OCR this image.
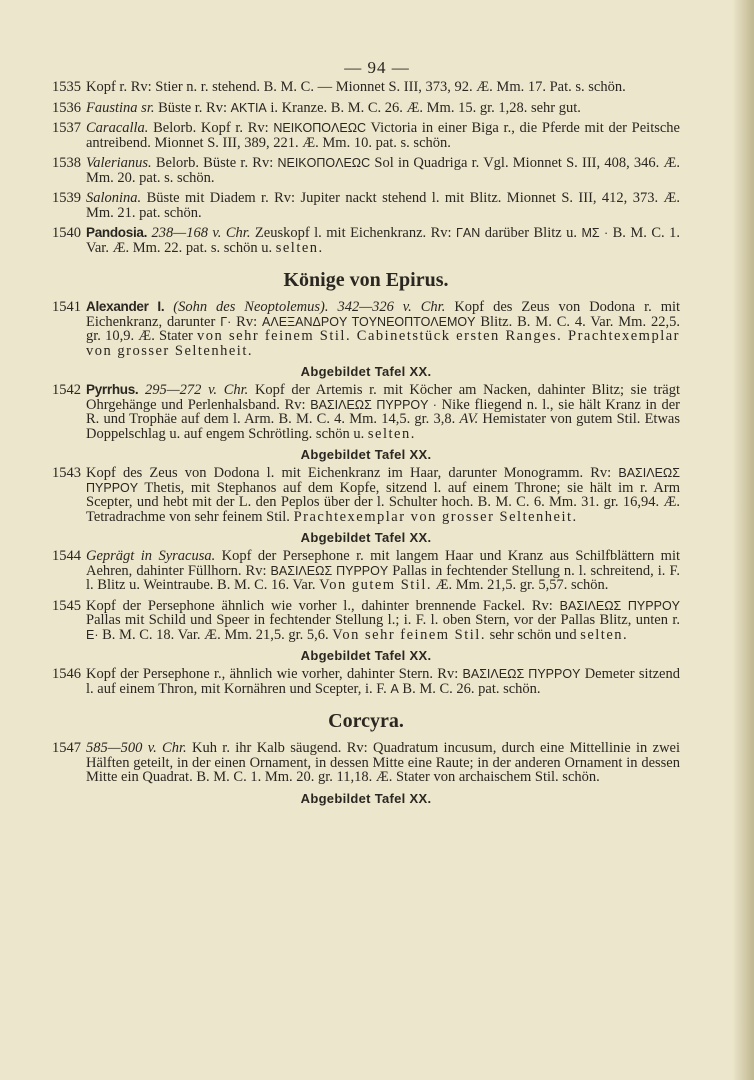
— 94 —
1535 Kopf r. Rv: Stier n. r. stehend. B. M. C. — Mionnet S. III, 373, 92. Æ. Mm. 17. Pat. s. schön.
1536 Faustina sr. Büste r. Rv: AKTIA i. Kranze. B. M. C. 26. Æ. Mm. 15. gr. 1,28. sehr gut.
1537 Caracalla. Belorb. Kopf r. Rv: NEIKOΠOΛEΩC Victoria in einer Biga r., die Pferde mit der Peitsche antreibend. Mionnet S. III, 389, 221. Æ. Mm. 10. pat. s. schön.
1538 Valerianus. Belorb. Büste r. Rv: NEIKOΠOΛEΩC Sol in Quadriga r. Vgl. Mionnet S. III, 408, 346. Æ. Mm. 20. pat. s. schön.
1539 Salonina. Büste mit Diadem r. Rv: Jupiter nackt stehend l. mit Blitz. Mionnet S. III, 412, 373. Æ. Mm. 21. pat. schön.
1540 Pandosia. 238—168 v. Chr. Zeuskopf l. mit Eichenkranz. Rv: ΓAN darüber Blitz u. MΣ · B. M. C. 1. Var. Æ. Mm. 22. pat. s. schön u. selten.
Könige von Epirus.
1541 Alexander I. (Sohn des Neoptolemus). 342—326 v. Chr. Kopf des Zeus von Dodona r. mit Eichenkranz, darunter Γ· Rv: AΛEΞANΔPOY TOYNEOΠTOΛEMOY Blitz. B. M. C. 4. Var. Mm. 22,5. gr. 10,9. Æ. Stater von sehr feinem Stil. Cabinetstück ersten Ranges. Prachtexemplar von grosser Seltenheit.
Abgebildet Tafel XX.
1542 Pyrrhus. 295—272 v. Chr. Kopf der Artemis r. mit Köcher am Nacken, dahinter Blitz; sie trägt Ohrgehänge und Perlenhalsband. Rv: BAΣIΛEΩΣ ΠYPPOY · Nike fliegend n. l., sie hält Kranz in der R. und Trophäe auf dem l. Arm. B. M. C. 4. Mm. 14,5. gr. 3,8. AV. Hemistater von gutem Stil. Etwas Doppelschlag u. auf engem Schrötling. schön u. selten.
Abgebildet Tafel XX.
1543 Kopf des Zeus von Dodona l. mit Eichenkranz im Haar, darunter Monogramm. Rv: BAΣIΛEΩΣ ΠYPPOY Thetis, mit Stephanos auf dem Kopfe, sitzend l. auf einem Throne; sie hält im r. Arm Scepter, und hebt mit der L. den Peplos über der l. Schulter hoch. B. M. C. 6. Mm. 31. gr. 16,94. Æ. Tetradrachme von sehr feinem Stil. Prachtexemplar von grosser Seltenheit.
Abgebildet Tafel XX.
1544 Geprägt in Syracusa. Kopf der Persephone r. mit langem Haar und Kranz aus Schilfblättern mit Aehren, dahinter Füllhorn. Rv: BAΣIΛEΩΣ ΠYPPOY Pallas in fechtender Stellung n. l. schreitend, i. F. l. Blitz u. Weintraube. B. M. C. 16. Var. Von gutem Stil. Æ. Mm. 21,5. gr. 5,57. schön.
1545 Kopf der Persephone ähnlich wie vorher l., dahinter brennende Fackel. Rv: BAΣIΛEΩΣ ΠYPPOY Pallas mit Schild und Speer in fechtender Stellung l.; i. F. l. oben Stern, vor der Pallas Blitz, unten r. E· B. M. C. 18. Var. Æ. Mm. 21,5. gr. 5,6. Von sehr feinem Stil. sehr schön und selten.
Abgebildet Tafel XX.
1546 Kopf der Persephone r., ähnlich wie vorher, dahinter Stern. Rv: BAΣIΛEΩΣ ΠYPPOY Demeter sitzend l. auf einem Thron, mit Kornähren und Scepter, i. F. A B. M. C. 26. pat. schön.
Corcyra.
1547 585—500 v. Chr. Kuh r. ihr Kalb säugend. Rv: Quadratum incusum, durch eine Mittellinie in zwei Hälften geteilt, in der einen Ornament, in dessen Mitte eine Raute; in der anderen Ornament in dessen Mitte ein Quadrat. B. M. C. 1. Mm. 20. gr. 11,18. Æ. Stater von archaischem Stil. schön.
Abgebildet Tafel XX.
